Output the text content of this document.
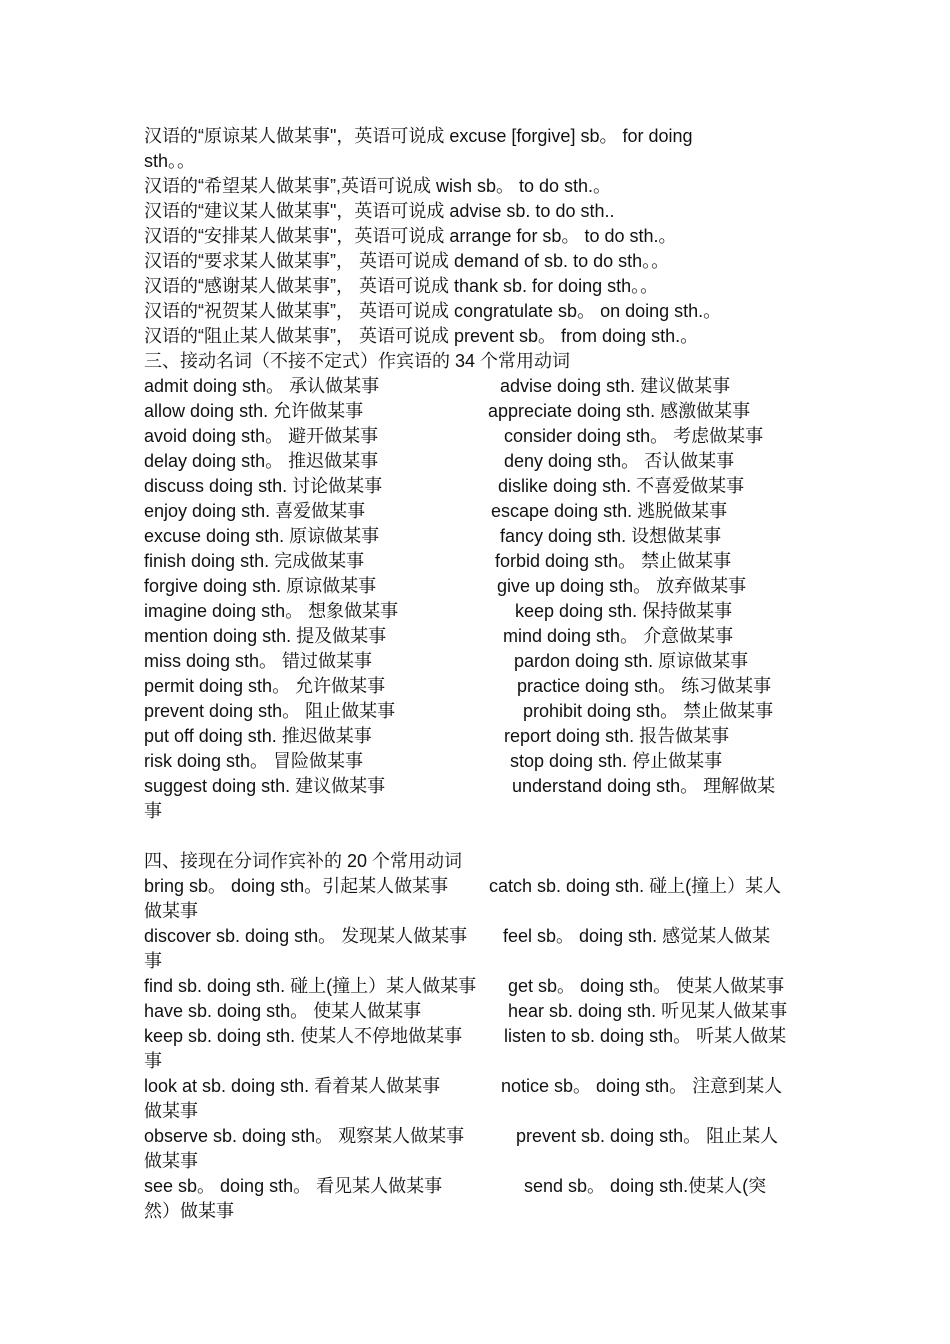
汉语的“原谅某人做某事"，英语可说成 excuse [forgive] sb。 for doing
sth。。
汉语的“希望某人做某事”,英语可说成 wish sb。 to do sth.。
汉语的“建议某人做某事"，英语可说成 advise sb. to do sth..
汉语的“安排某人做某事"，英语可说成 arrange for sb。 to do sth.。
汉语的“要求某人做某事”， 英语可说成 demand of sb. to do sth。。
汉语的“感谢某人做某事”， 英语可说成 thank sb. for doing sth。。
汉语的“祝贺某人做某事”， 英语可说成 congratulate sb。 on doing sth.。
汉语的“阻止某人做某事”， 英语可说成 prevent sb。 from doing sth.。
三、接动名词（不接不定式）作宾语的 34 个常用动词
admit doing sth。 承认做某事	advise doing sth. 建议做某事
allow doing sth. 允许做某事	appreciate doing sth. 感激做某事
avoid doing sth。 避开做某事	consider doing sth。 考虑做某事
delay doing sth。 推迟做某事	deny doing sth。 否认做某事
discuss doing sth. 讨论做某事	dislike doing sth. 不喜爱做某事
enjoy doing sth. 喜爱做某事	escape doing sth. 逃脱做某事
excuse doing sth. 原谅做某事	fancy doing sth. 设想做某事
finish doing sth. 完成做某事	forbid doing sth。 禁止做某事
forgive doing sth. 原谅做某事	give up doing sth。 放弃做某事
imagine doing sth。 想象做某事	keep doing sth. 保持做某事
mention doing sth. 提及做某事	mind doing sth。 介意做某事
miss doing sth。 错过做某事	pardon doing sth. 原谅做某事
permit doing sth。 允许做某事	practice doing sth。 练习做某事
prevent doing sth。 阻止做某事	prohibit doing sth。 禁止做某事
put off doing sth. 推迟做某事	report doing sth. 报告做某事
risk doing sth。 冒险做某事	stop doing sth. 停止做某事
suggest doing sth. 建议做某事	understand doing sth。 理解做某
事
四、接现在分词作宾补的 20 个常用动词
bring sb。 doing sth。引起某人做某事 catch sb. doing sth. 碰上(撞上）某人
做某事
discover sb. doing sth。 发现某人做某事 feel sb。 doing sth. 感觉某人做某
事
find sb. doing sth. 碰上(撞上）某人做某事 get sb。 doing sth。 使某人做某事
have sb. doing sth。 使某人做某事	hear sb. doing sth. 听见某人做某事
keep sb. doing sth. 使某人不停地做某事 listen to sb. doing sth。 听某人做某
事
look at sb. doing sth. 看着某人做某事	notice sb。 doing sth。 注意到某人
做某事
observe sb. doing sth。 观察某人做某事	prevent sb. doing sth。 阻止某人
做某事
see sb。 doing sth。 看见某人做某事	send sb。 doing sth.使某人(突
然）做某事
